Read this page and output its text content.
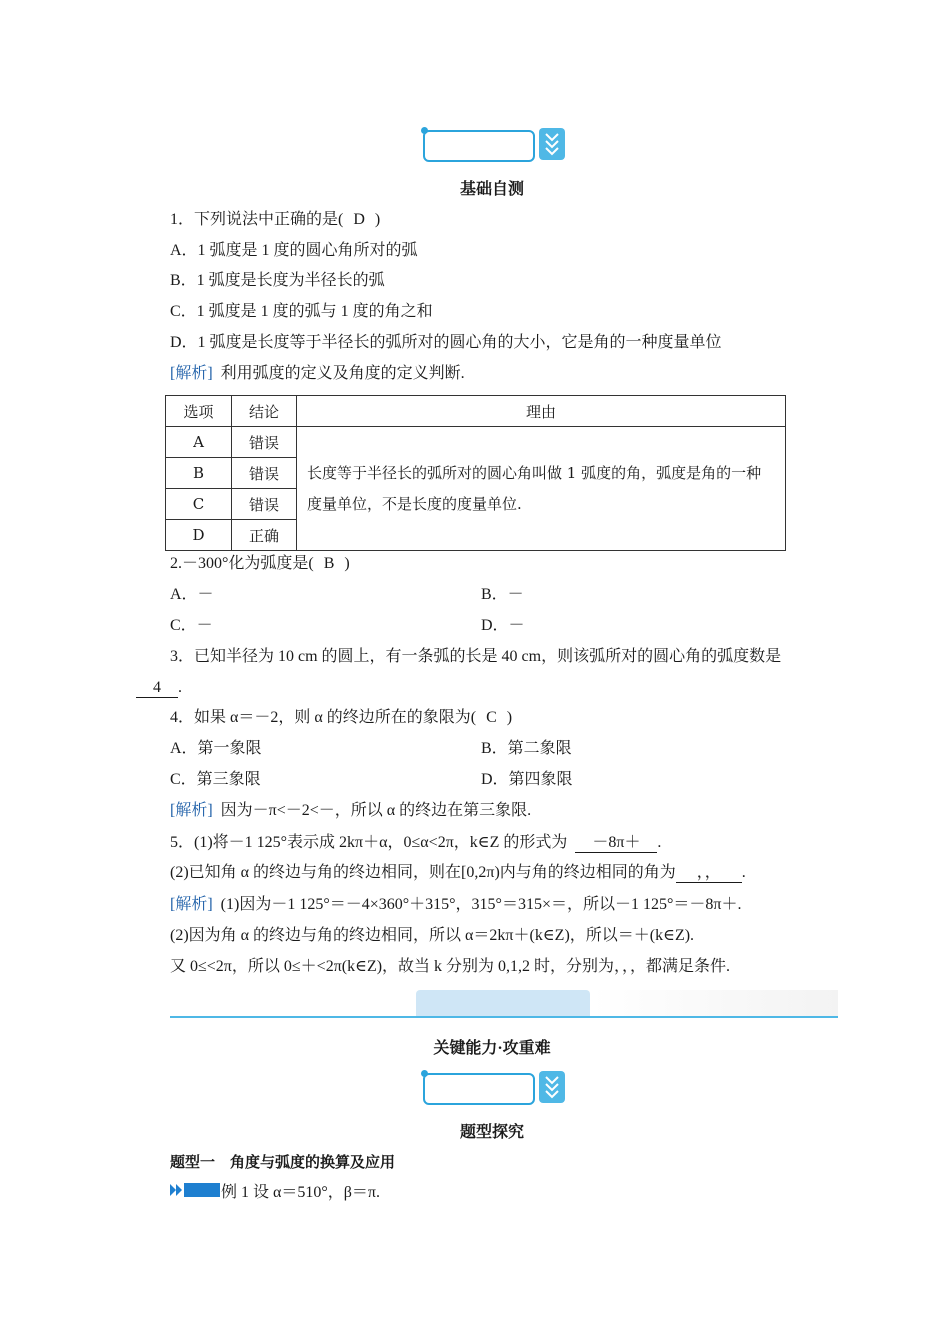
基础自测
1．下列说法中正确的是( D )
A．1 弧度是 1 度的圆心角所对的弧
B．1 弧度是长度为半径长的弧
C．1 弧度是 1 度的弧与 1 度的角之和
D．1 弧度是长度等于半径长的弧所对的圆心角的大小，它是角的一种度量单位
[解析] 利用弧度的定义及角度的定义判断.
选项	结论	理由
A	错误	长度等于半径长的弧所对的圆心角叫做 1 弧度的角，弧度是角的一种度量单位，不是长度的度量单位.
B	错误	
C	错误	
D	正确	
2.－300°化为弧度是( B )
A．－	B．－
C．－	D．－
3．已知半径为 10 cm 的圆上，有一条弧的长是 40 cm，则该弧所对的圆心角的弧度数是
4 .
4．如果 α＝－2，则 α 的终边所在的象限为( C )
A．第一象限	B．第二象限
C．第三象限	D．第四象限
[解析] 因为－π<－2<－，所以 α 的终边在第三象限.
5．(1)将－1 125°表示成 2kπ＋α，0≤α<2π，k∈Z 的形式为 －8π＋ .
(2)已知角 α 的终边与角的终边相同，则在[0,2π)内与角的终边相同的角为 ，， .
[解析] (1)因为－1 125°＝－4×360°＋315°，315°＝315×＝，所以－1 125°＝－8π＋.
(2)因为角 α 的终边与角的终边相同，所以 α＝2kπ＋(k∈Z)，所以＝＋(k∈Z).
又 0≤<2π，所以 0≤＋<2π(k∈Z)，故当 k 分别为 0,1,2 时，分别为，，，都满足条件.
关键能力·攻重难
题型探究
题型一　角度与弧度的换算及应用
例 1 设 α＝510°，β＝π.
